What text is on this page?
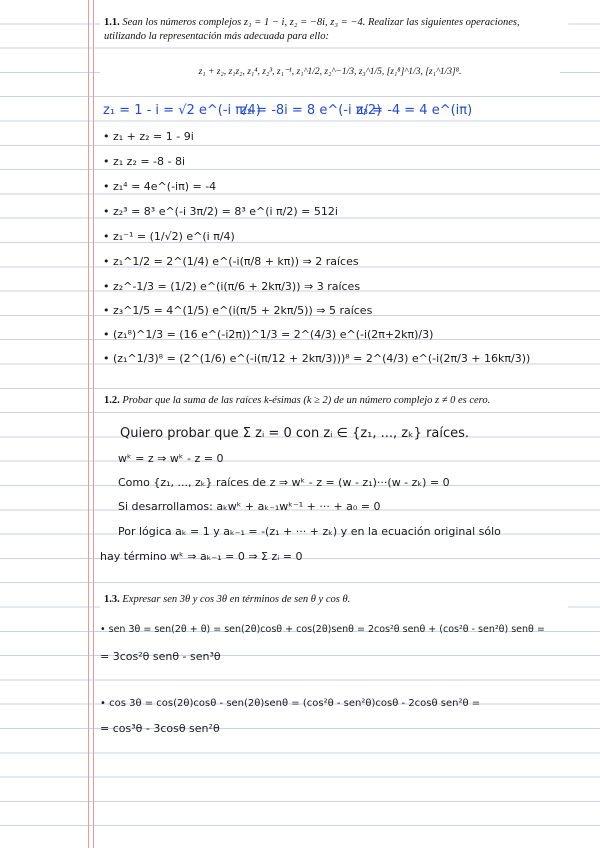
1.1. Sean los números complejos z₁ = 1 − i, z₂ = −8i, z₃ = −4. Realizar las siguientes operaciones,
utilizando la representación más adecuada para ello:
z₁ + z₂, z₁z₂, z₁⁴, z₂³, z₁⁻¹, z₁^1/2, z₂^−1/3, z₃^1/5, [z₁⁸]^1/3, [z₁^1/3]⁸.
z₁ = 1 - i = √2 e^(-i π/4)
z₂ = -8i = 8 e^(-i π/2)
z₃ = -4 = 4 e^(iπ)
• z₁ + z₂ = 1 - 9i
• z₁ z₂ = -8 - 8i
• z₁⁴ = 4e^(-iπ) = -4
• z₂³ = 8³ e^(-i 3π/2) = 8³ e^(i π/2) = 512i
• z₁⁻¹ = (1/√2) e^(i π/4)
• z₁^1/2 = 2^(1/4) e^(-i(π/8 + kπ)) ⇒ 2 raíces
• z₂^-1/3 = (1/2) e^(i(π/6 + 2kπ/3)) ⇒ 3 raíces
• z₃^1/5 = 4^(1/5) e^(i(π/5 + 2kπ/5)) ⇒ 5 raíces
• (z₁⁸)^1/3 = (16 e^(-i2π))^1/3 = 2^(4/3) e^(-i(2π+2kπ)/3)
• (z₁^1/3)⁸ = (2^(1/6) e^(-i(π/12 + 2kπ/3)))⁸ = 2^(4/3) e^(-i(2π/3 + 16kπ/3))
1.2. Probar que la suma de las raíces k-ésimas (k ≥ 2) de un número complejo z ≠ 0 es cero.
Quiero probar que Σ zᵢ = 0 con zᵢ ∈ {z₁, ..., zₖ} raíces.
wᵏ = z ⇒ wᵏ - z = 0
Como {z₁, ..., zₖ} raíces de z ⇒ wᵏ - z = (w - z₁)···(w - zₖ) = 0
Si desarrollamos: aₖwᵏ + aₖ₋₁wᵏ⁻¹ + ··· + a₀ = 0
Por lógica aₖ = 1 y aₖ₋₁ = -(z₁ + ··· + zₖ) y en la ecuación original sólo
hay término wᵏ ⇒ aₖ₋₁ = 0 ⇒ Σ zᵢ = 0
1.3. Expresar sen 3θ y cos 3θ en términos de sen θ y cos θ.
• sen 3θ = sen(2θ + θ) = sen(2θ)cosθ + cos(2θ)senθ = 2cos²θ senθ + (cos²θ - sen²θ) senθ =
= 3cos²θ senθ - sen³θ
• cos 3θ = cos(2θ)cosθ - sen(2θ)senθ = (cos²θ - sen²θ)cosθ - 2cosθ sen²θ =
= cos³θ - 3cosθ sen²θ
